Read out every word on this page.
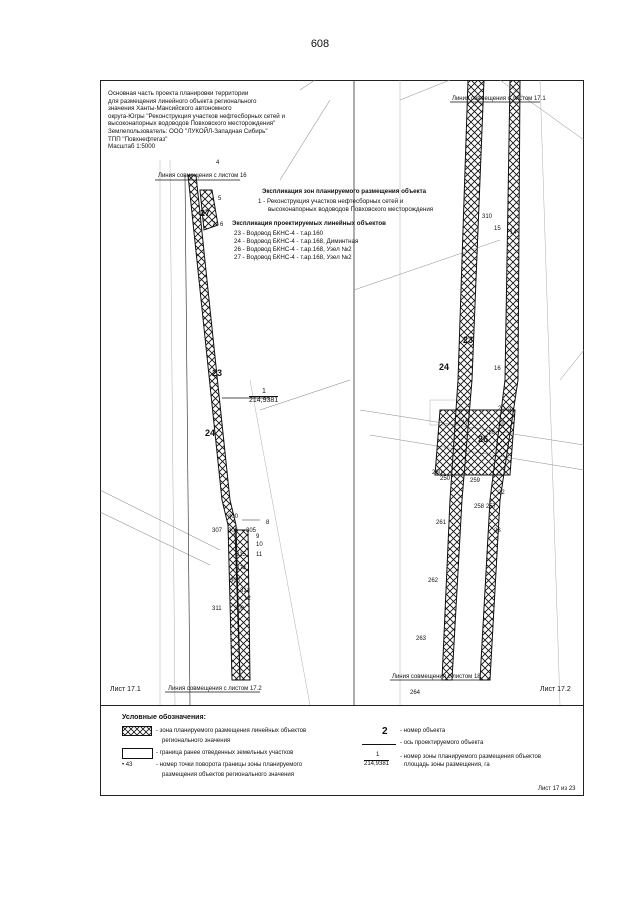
608
Основная часть проекта планировки территории
для размещения линейного объекта регионального
значения Ханты-Мансийского автономного
округа-Югры "Реконструкция участков нефтесборных сетей и
высоконапорных водоводов Повховского месторождения"
Землепользователь: ООО "ЛУКОЙЛ-Западная Сибирь"
ТПП "Повхнефтегаз"
Масштаб 1:5000
Экспликация зон планируемого размещения объекта
1 - Реконструкция участков нефтесборных сетей и
высоконапорных водоводов Повховского месторождения
Экспликация проектируемых линейных объектов
23 - Водовод БКНС-4 - т.ар.160
24 - Водовод БКНС-4 - т.ар.168, Диминтная
26 - Водовод БКНС-4 - т.ар.168, Узел №2
27 - Водовод БКНС-4 - т.ар.168, Узел №2
Линия совмещения с листом 16
Линия совмещения с листом 17.1
Линия совмещения с листом 17.2
Линия совмещения с листом 18
Лист 17.1	Лист 17.2
1
214,9381
23
24
27
23
24
26
4
5
6
7
8
9
10
11
12
300
305
306
307
308
309
315
374
312
311
310
15
14
16
20 21
17
18
19
22
23
250
258 257
261
262
263
264
260
259
Условные обозначения:
- зона планируемого размещения линейных объектов
регионального значения
- граница ранее отведенных земельных участков
• 43	- номер точки поворота границы зоны планируемого
размещения объектов регионального значения
2 - номер объекта
- ось проектируемого объекта
1
214,9381
- номер зоны планируемого размещения объектов
площадь зоны размещения, га
Лист 17 из 23
